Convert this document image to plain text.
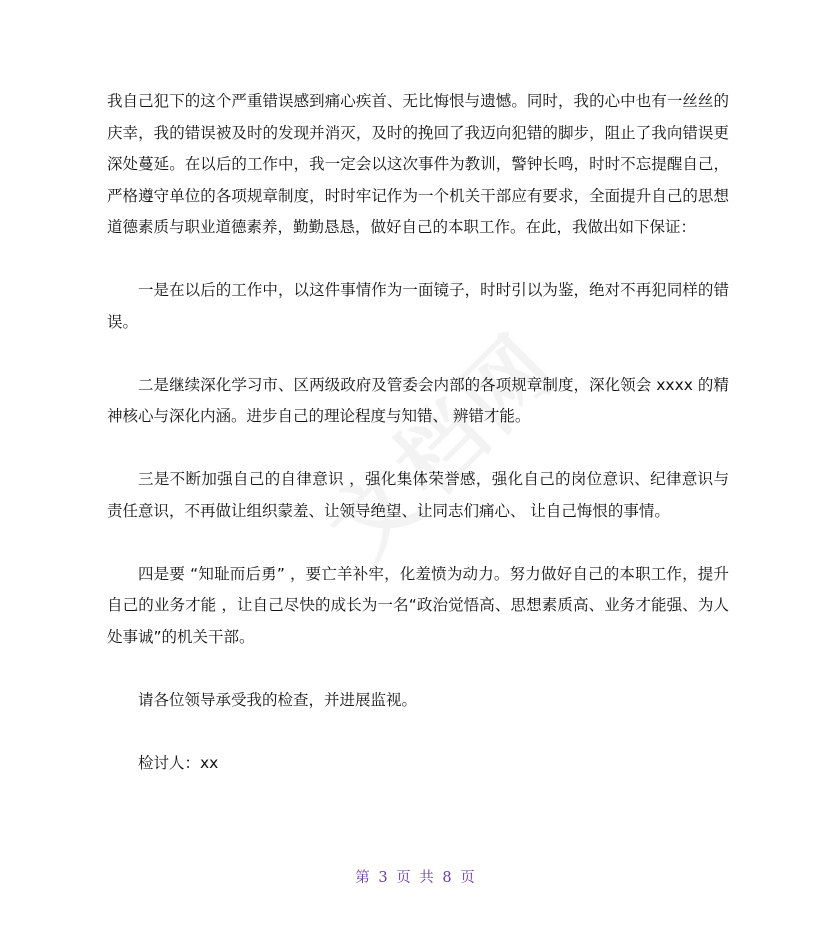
我自己犯下的这个严重错误感到痛心疾首、无比悔恨与遗憾。同时，我的心中也有一丝丝的庆幸，我的错误被及时的发现并消灭，及时的挽回了我迈向犯错的脚步，阻止了我向错误更深处蔓延。在以后的工作中，我一定会以这次事件为教训，警钟长鸣，时时不忘提醒自己，严格遵守单位的各项规章制度，时时牢记作为一个机关干部应有要求，全面提升自己的思想道德素质与职业道德素养，勤勤恳恳，做好自己的本职工作。在此，我做出如下保证：

一是在以后的工作中，以这件事情作为一面镜子，时时引以为鉴，绝对不再犯同样的错误。

二是继续深化学习市、区两级政府及管委会内部的各项规章制度，深化领会 xxxx 的精神核心与深化内涵。进步自己的理论程度与知错、 辨错才能。

三是不断加强自己的自律意识 ，强化集体荣誉感，强化自己的岗位意识、纪律意识与责任意识，不再做让组织蒙羞、让领导绝望、让同志们痛心、 让自己悔恨的事情。

四是要 “知耻而后勇” ，要亡羊补牢，化羞愤为动力。努力做好自己的本职工作，提升自己的业务才能 ，让自己尽快的成长为一名“政治觉悟高、思想素质高、业务才能强、为人处事诚”的机关干部。

请各位领导承受我的检查，并进展监视。

检讨人：xx

第 3 页 共 8 页
